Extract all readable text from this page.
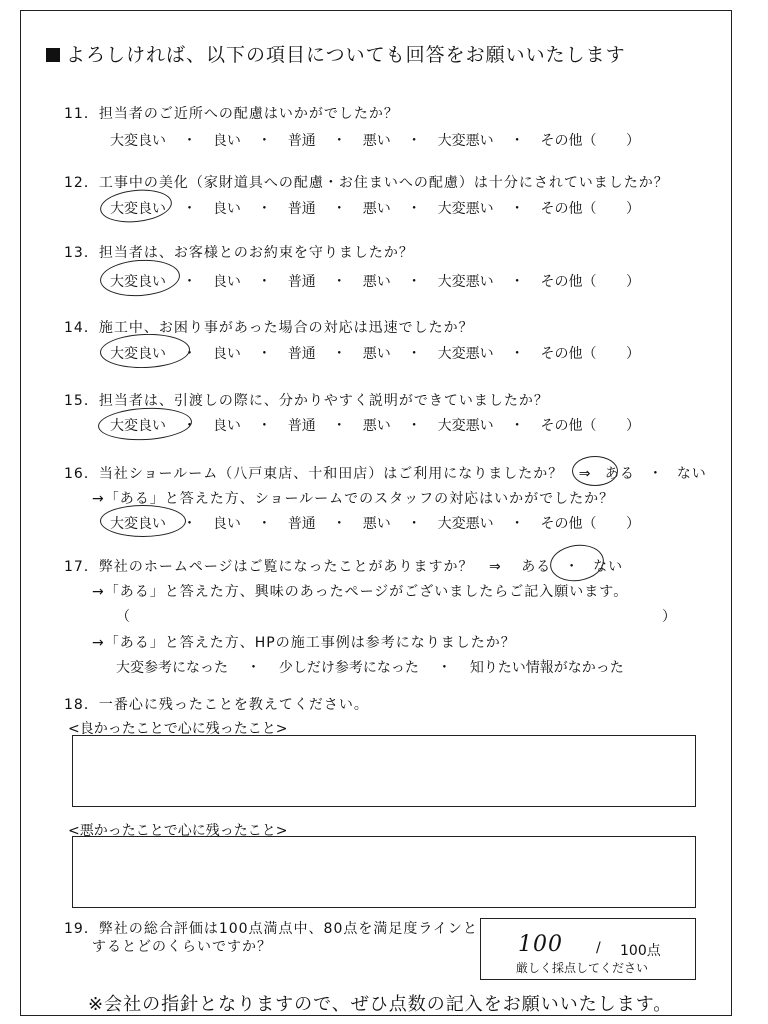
よろしければ、以下の項目についても回答をお願いいたします
11．担当者のご近所への配慮はいかがでしたか？
大変良い ・ 良い ・ 普通 ・ 悪い ・ 大変悪い ・ その他（ ）
12．工事中の美化（家財道具への配慮・お住まいへの配慮）は十分にされていましたか？
大変良い ・ 良い ・ 普通 ・ 悪い ・ 大変悪い ・ その他（ ）
13．担当者は、お客様とのお約束を守りましたか？
大変良い ・ 良い ・ 普通 ・ 悪い ・ 大変悪い ・ その他（ ）
14．施工中、お困り事があった場合の対応は迅速でしたか？
大変良い ・ 良い ・ 普通 ・ 悪い ・ 大変悪い ・ その他（ ）
15．担当者は、引渡しの際に、分かりやすく説明ができていましたか？
大変良い ・ 良い ・ 普通 ・ 悪い ・ 大変悪い ・ その他（ ）
16．当社ショールーム（八戸東店、十和田店）はご利用になりましたか？ ⇒ ある ・ ない
→「ある」と答えた方、ショールームでのスタッフの対応はいかがでしたか？
大変良い ・ 良い ・ 普通 ・ 悪い ・ 大変悪い ・ その他（ ）
17．弊社のホームページはご覧になったことがありますか？ ⇒ ある ・ ない
→「ある」と答えた方、興味のあったページがございましたらご記入願います。
（	）
→「ある」と答えた方、HPの施工事例は参考になりましたか？
大変参考になった ・ 少しだけ参考になった ・ 知りたい情報がなかった
18．一番心に残ったことを教えてください。
<良かったことで心に残ったこと>
<悪かったことで心に残ったこと>
19．弊社の総合評価は100点満点中、80点を満足度ラインと
するとどのくらいですか？	100 / 100点
厳しく採点してください
※会社の指針となりますので、ぜひ点数の記入をお願いいたします。
